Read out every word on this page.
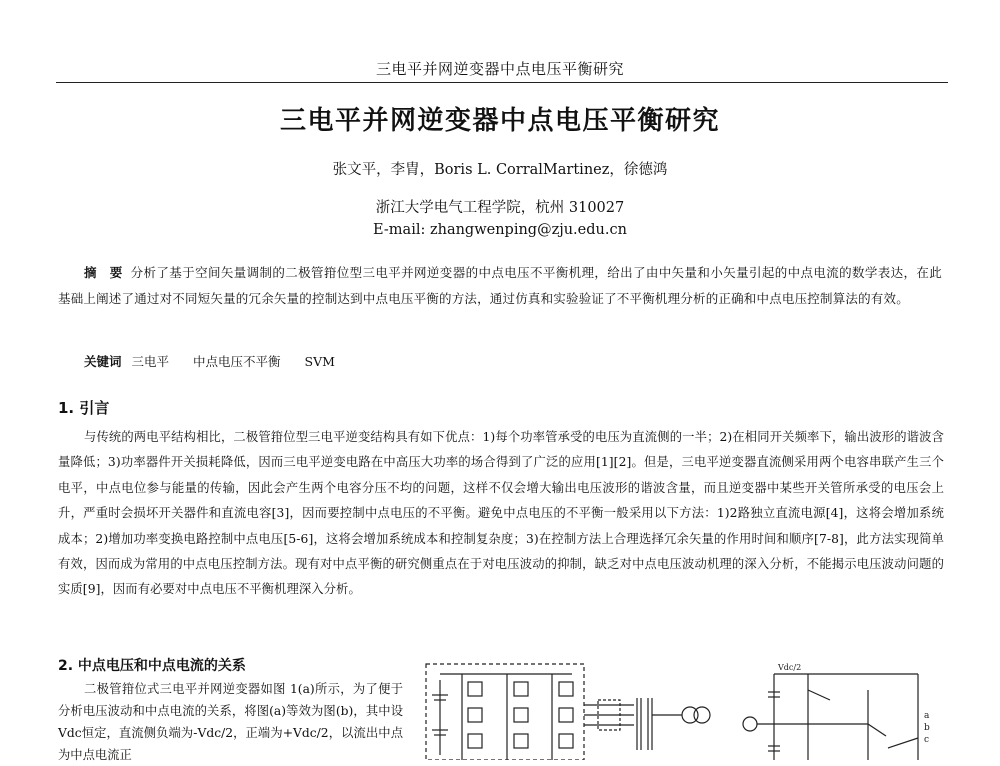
三电平并网逆变器中点电压平衡研究
三电平并网逆变器中点电压平衡研究
张文平，李胄，Boris L. CorralMartinez，徐德鸿
浙江大学电气工程学院，杭州 310027
E-mail: zhangwenping@zju.edu.cn
摘　要 分析了基于空间矢量调制的二极管箝位型三电平并网逆变器的中点电压不平衡机理，给出了由中矢量和小矢量引起的中点电流的数学表达，在此基础上阐述了通过对不同短矢量的冗余矢量的控制达到中点电压平衡的方法，通过仿真和实验验证了不平衡机理分析的正确和中点电压控制算法的有效。
关键词 三电平 中点电压不平衡 SVM
1. 引言
与传统的两电平结构相比，二极管箝位型三电平逆变结构具有如下优点：1)每个功率管承受的电压为直流侧的一半；2)在相同开关频率下，输出波形的谐波含量降低；3)功率器件开关损耗降低，因而三电平逆变电路在中高压大功率的场合得到了广泛的应用[1][2]。但是，三电平逆变器直流侧采用两个电容串联产生三个电平，中点电位参与能量的传输，因此会产生两个电容分压不均的问题，这样不仅会增大输出电压波形的谐波含量，而且逆变器中某些开关管所承受的电压会上升，严重时会损坏开关器件和直流电容[3]，因而要控制中点电压的不平衡。避免中点电压的不平衡一般采用以下方法：1)2路独立直流电源[4]，这将会增加系统成本；2)增加功率变换电路控制中点电压[5-6]，这将会增加系统成本和控制复杂度；3)在控制方法上合理选择冗余矢量的作用时间和顺序[7-8]，此方法实现简单有效，因而成为常用的中点电压控制方法。现有对中点平衡的研究侧重点在于对电压波动的抑制，缺乏对中点电压波动机理的深入分析，不能揭示电压波动问题的实质[9]，因而有必要对中点电压不平衡机理深入分析。
2. 中点电压和中点电流的关系
二极管箝位式三电平并网逆变器如图 1(a)所示，为了便于分析电压波动和中点电流的关系，将图(a)等效为图(b)，其中设 Vdc恒定，直流侧负端为-Vdc/2，正端为+Vdc/2，以流出中点为中点电流正
Vdc/2
a
b
c
